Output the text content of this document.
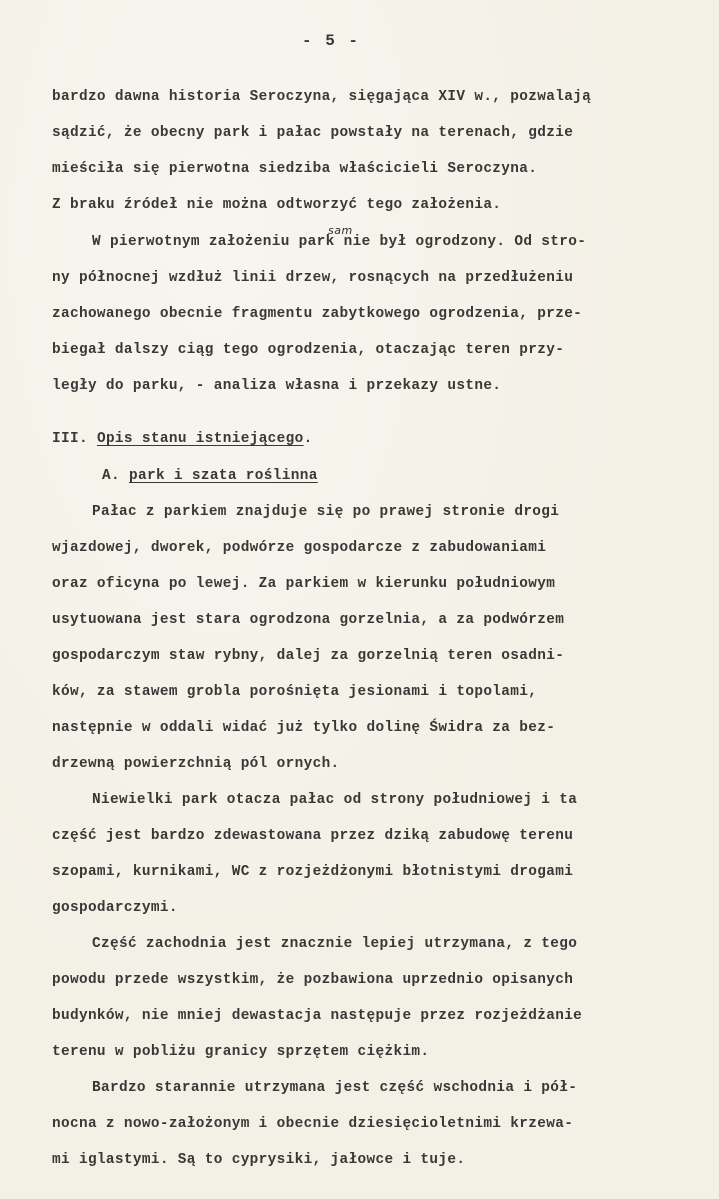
- 5 -
sam
bardzo dawna historia Seroczyna, sięgająca XIV w., pozwalają
sądzić, że obecny park i pałac powstały na terenach, gdzie
mieściła się pierwotna siedziba właścicieli Seroczyna.
Z braku źródeł nie można odtworzyć tego założenia.
W pierwotnym założeniu park nie był ogrodzony. Od stro-
ny północnej wzdłuż linii drzew, rosnących na przedłużeniu
zachowanego obecnie fragmentu zabytkowego ogrodzenia, prze-
biegał dalszy ciąg tego ogrodzenia, otaczając teren przy-
legły do parku, - analiza własna i przekazy ustne.
III. Opis stanu istniejącego.
A. park i szata roślinna
Pałac z parkiem znajduje się po prawej stronie drogi
wjazdowej, dworek, podwórze gospodarcze z zabudowaniami
oraz oficyna po lewej. Za parkiem w kierunku południowym
usytuowana jest stara ogrodzona gorzelnia, a za podwórzem
gospodarczym staw rybny, dalej za gorzelnią teren osadni-
ków, za stawem grobla porośnięta jesionami i topolami,
następnie w oddali widać już tylko dolinę Świdra za bez-
drzewną powierzchnią pól ornych.
Niewielki park otacza pałac od strony południowej i ta
część jest bardzo zdewastowana przez dziką zabudowę terenu
szopami, kurnikami, WC z rozjeżdżonymi błotnistymi drogami
gospodarczymi.
Część zachodnia jest znacznie lepiej utrzymana, z tego
powodu przede wszystkim, że pozbawiona uprzednio opisanych
budynków, nie mniej dewastacja następuje przez rozjeżdżanie
terenu w pobliżu granicy sprzętem ciężkim.
Bardzo starannie utrzymana jest część wschodnia i pół-
nocna z nowo-założonym i obecnie dziesięcioletnimi krzewa-
mi iglastymi. Są to cyprysiki, jałowce i tuje.
